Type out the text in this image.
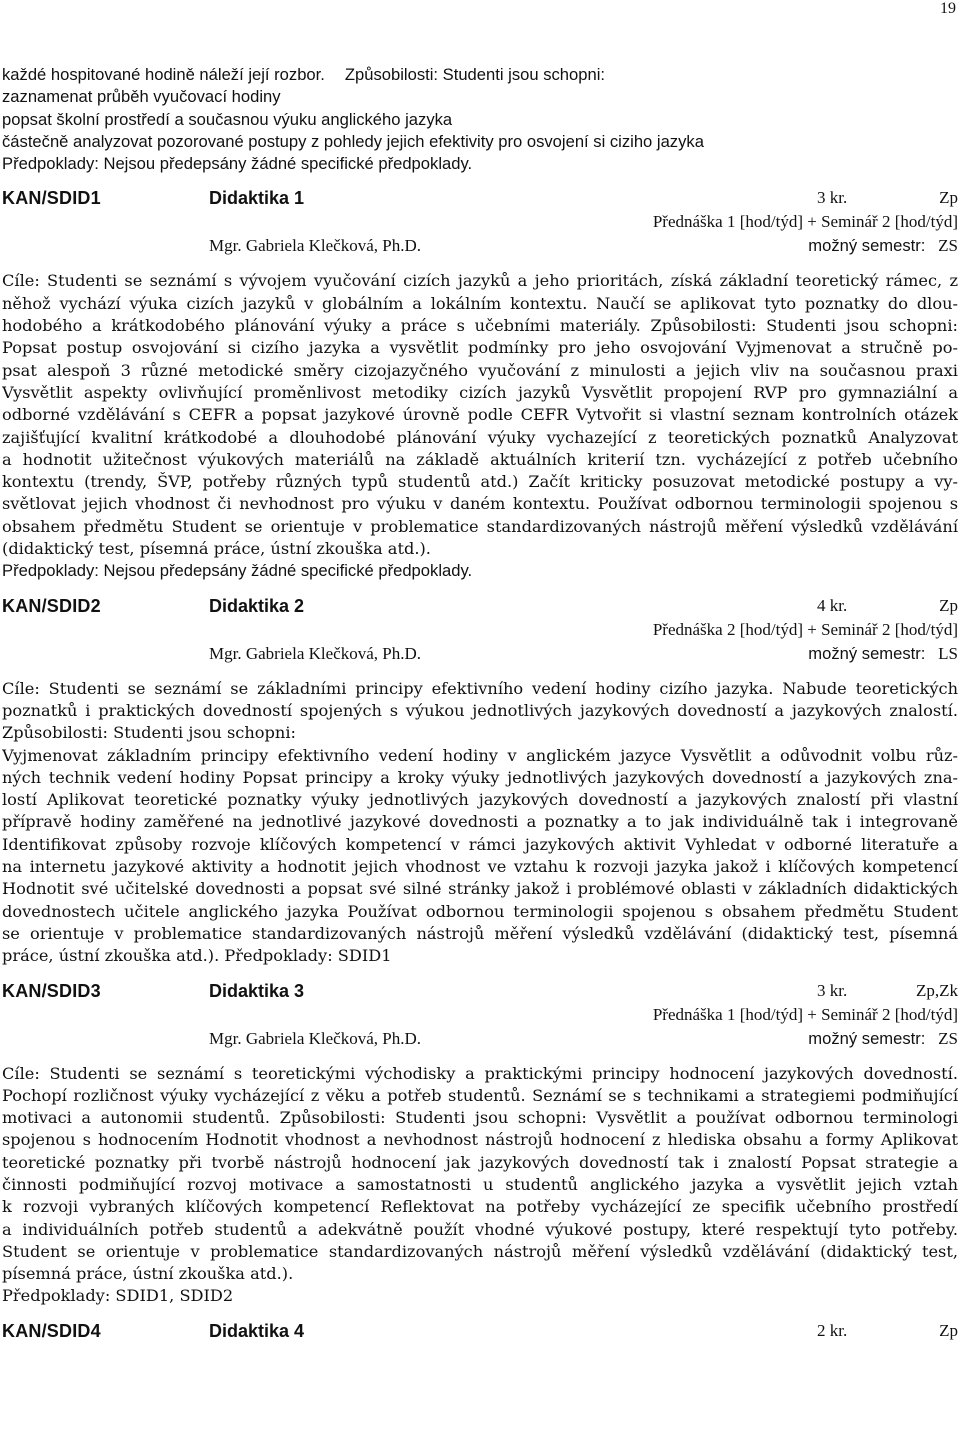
19
každé hospitované hodině náleží její rozbor. Způsobilosti: Studenti jsou schopni:
zaznamenat průběh vyučovací hodiny
popsat školní prostředí a současnou výuku anglického jazyka
částečně analyzovat pozorované postupy z pohledy jejich efektivity pro osvojení si ciziho jazyka
Předpoklady: Nejsou předepsány žádné specifické předpoklady.
KAN/SDID1	Didaktika 1	3 kr.	Zp
Přednáška 1 [hod/týd] + Seminář 2 [hod/týd]
Mgr. Gabriela Klečková, Ph.D.	možný semestr: ZS
Cíle: Studenti se seznámí s vývojem vyučování cizích jazyků a jeho prioritách, získá základní teoretický rámec, z
něhož vychází výuka cizích jazyků v globálním a lokálním kontextu. Naučí se aplikovat tyto poznatky do dlou-
hodobého a krátkodobého plánování výuky a práce s učebními materiály. Způsobilosti: Studenti jsou schopni:
Popsat postup osvojování si cizího jazyka a vysvětlit podmínky pro jeho osvojování Vyjmenovat a stručně po-
psat alespoň 3 různé metodické směry cizojazyčného vyučování z minulosti a jejich vliv na současnou praxi
Vysvětlit aspekty ovlivňující proměnlivost metodiky cizích jazyků Vysvětlit propojení RVP pro gymnaziální a
odborné vzdělávání s CEFR a popsat jazykové úrovně podle CEFR Vytvořit si vlastní seznam kontrolních otázek
zajišťující kvalitní krátkodobé a dlouhodobé plánování výuky vychazející z teoretických poznatků Analyzovat
a hodnotit užitečnost výukových materiálů na základě aktuálních kriterií tzn. vycházející z potřeb učebního
kontextu (trendy, ŠVP, potřeby různých typů studentů atd.) Začít kriticky posuzovat metodické postupy a vy-
světlovat jejich vhodnost či nevhodnost pro výuku v daném kontextu. Používat odbornou terminologii spojenou s
obsahem předmětu Student se orientuje v problematice standardizovaných nástrojů měření výsledků vzdělávání
(didaktický test, písemná práce, ústní zkouška atd.).
Předpoklady: Nejsou předepsány žádné specifické předpoklady.
KAN/SDID2	Didaktika 2	4 kr.	Zp
Přednáška 2 [hod/týd] + Seminář 2 [hod/týd]
Mgr. Gabriela Klečková, Ph.D.	možný semestr: LS
Cíle: Studenti se seznámí se základními principy efektivního vedení hodiny cizího jazyka. Nabude teoretických
poznatků i praktických dovedností spojených s výukou jednotlivých jazykových dovedností a jazykových znalostí.
Způsobilosti: Studenti jsou schopni:
Vyjmenovat základním principy efektivního vedení hodiny v anglickém jazyce Vysvětlit a odůvodnit volbu růz-
ných technik vedení hodiny Popsat principy a kroky výuky jednotlivých jazykových dovedností a jazykových zna-
lostí Aplikovat teoretické poznatky výuky jednotlivých jazykových dovedností a jazykových znalostí při vlastní
přípravě hodiny zaměřené na jednotlivé jazykové dovednosti a poznatky a to jak individuálně tak i integrovaně
Identifikovat způsoby rozvoje klíčových kompetencí v rámci jazykových aktivit Vyhledat v odborné literatuře a
na internetu jazykové aktivity a hodnotit jejich vhodnost ve vztahu k rozvoji jazyka jakož i klíčových kompetencí
Hodnotit své učitelské dovednosti a popsat své silné stránky jakož i problémové oblasti v základních didaktických
dovednostech učitele anglického jazyka Používat odbornou terminologii spojenou s obsahem předmětu Student
se orientuje v problematice standardizovaných nástrojů měření výsledků vzdělávání (didaktický test, písemná
práce, ústní zkouška atd.). Předpoklady: SDID1
KAN/SDID3	Didaktika 3	3 kr.	Zp,Zk
Přednáška 1 [hod/týd] + Seminář 2 [hod/týd]
Mgr. Gabriela Klečková, Ph.D.	možný semestr: ZS
Cíle: Studenti se seznámí s teoretickými východisky a praktickými principy hodnocení jazykových dovedností.
Pochopí rozličnost výuky vycházející z věku a potřeb studentů. Seznámí se s technikami a strategiemi podmiňující
motivaci a autonomii studentů. Způsobilosti: Studenti jsou schopni: Vysvětlit a používat odbornou terminologi
spojenou s hodnocením Hodnotit vhodnost a nevhodnost nástrojů hodnocení z hlediska obsahu a formy Aplikovat
teoretické poznatky při tvorbě nástrojů hodnocení jak jazykových dovedností tak i znalostí Popsat strategie a
činnosti podmiňující rozvoj motivace a samostatnosti u studentů anglického jazyka a vysvětlit jejich vztah
k rozvoji vybraných klíčových kompetencí Reflektovat na potřeby vycházející ze specifik učebního prostředí
a individuálních potřeb studentů a adekvátně použít vhodné výukové postupy, které respektují tyto potřeby.
Student se orientuje v problematice standardizovaných nástrojů měření výsledků vzdělávání (didaktický test,
písemná práce, ústní zkouška atd.).
Předpoklady: SDID1, SDID2
KAN/SDID4	Didaktika 4	2 kr.	Zp
